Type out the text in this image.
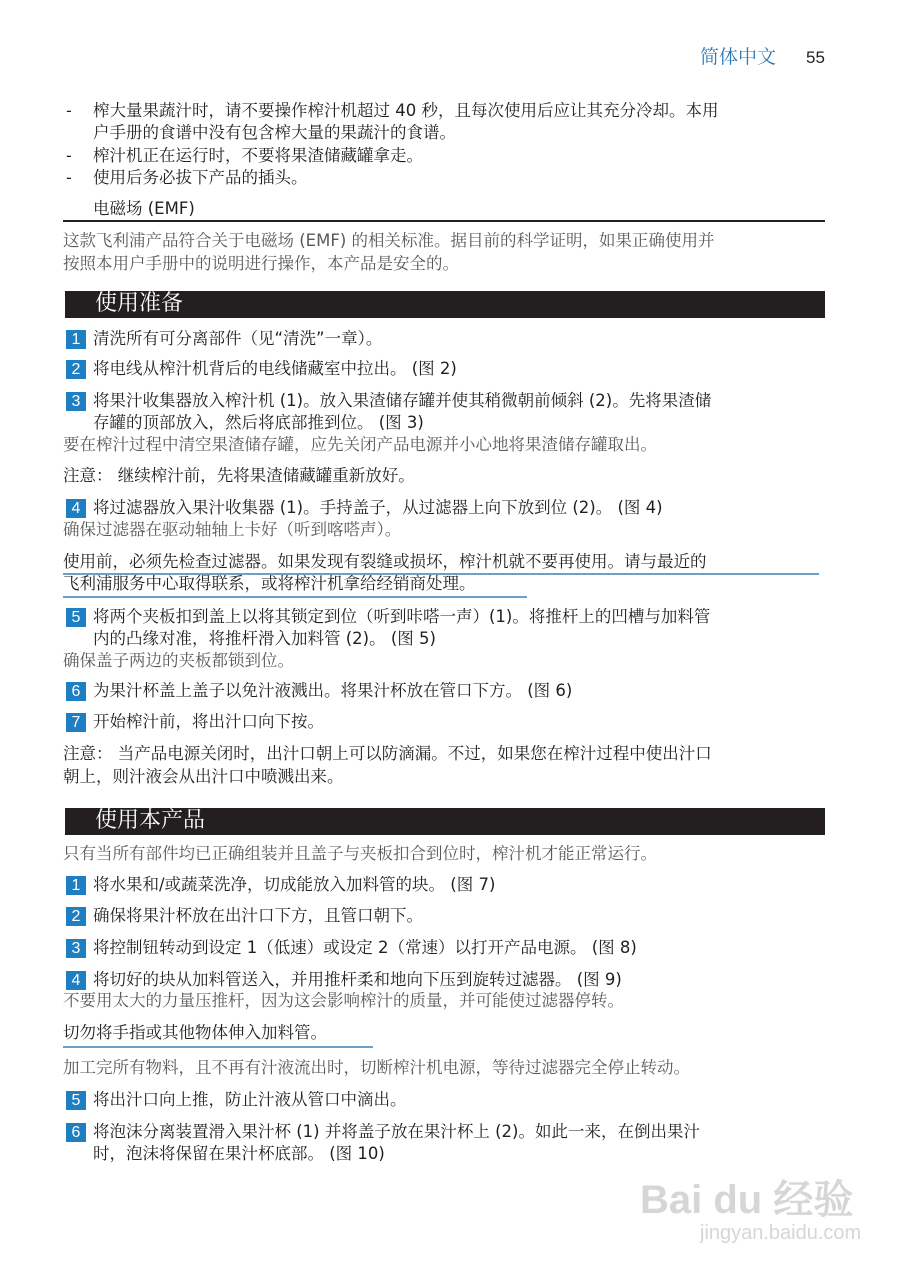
简体中文 55
- 榨大量果蔬汁时，请不要操作榨汁机超过 40 秒，且每次使用后应让其充分冷却。本用
户手册的食谱中没有包含榨大量的果蔬汁的食谱。
- 榨汁机正在运行时，不要将果渣储藏罐拿走。
- 使用后务必拔下产品的插头。
电磁场 (EMF)
这款飞利浦产品符合关于电磁场 (EMF) 的相关标准。据目前的科学证明，如果正确使用并
按照本用户手册中的说明进行操作，本产品是安全的。
使用准备
1 清洗所有可分离部件（见“清洗”一章）。
2 将电线从榨汁机背后的电线储藏室中拉出。 (图 2)
3 将果汁收集器放入榨汁机 (1)。放入果渣储存罐并使其稍微朝前倾斜 (2)。先将果渣储
存罐的顶部放入，然后将底部推到位。 (图 3)
要在榨汁过程中清空果渣储存罐，应先关闭产品电源并小心地将果渣储存罐取出。
注意： 继续榨汁前，先将果渣储藏罐重新放好。
4 将过滤器放入果汁收集器 (1)。手持盖子，从过滤器上向下放到位 (2)。 (图 4)
确保过滤器在驱动轴轴上卡好（听到喀嗒声）。
使用前，必须先检查过滤器。如果发现有裂缝或损坏，榨汁机就不要再使用。请与最近的
飞利浦服务中心取得联系，或将榨汁机拿给经销商处理。
5 将两个夹板扣到盖上以将其锁定到位（听到咔嗒一声）(1)。将推杆上的凹槽与加料管
内的凸缘对准，将推杆滑入加料管 (2)。 (图 5)
确保盖子两边的夹板都锁到位。
6 为果汁杯盖上盖子以免汁液溅出。将果汁杯放在管口下方。 (图 6)
7 开始榨汁前，将出汁口向下按。
注意： 当产品电源关闭时，出汁口朝上可以防滴漏。不过，如果您在榨汁过程中使出汁口
朝上，则汁液会从出汁口中喷溅出来。
使用本产品
只有当所有部件均已正确组装并且盖子与夹板扣合到位时，榨汁机才能正常运行。
1 将水果和/或蔬菜洗净，切成能放入加料管的块。 (图 7)
2 确保将果汁杯放在出汁口下方，且管口朝下。
3 将控制钮转动到设定 1（低速）或设定 2（常速）以打开产品电源。 (图 8)
4 将切好的块从加料管送入，并用推杆柔和地向下压到旋转过滤器。 (图 9)
不要用太大的力量压推杆，因为这会影响榨汁的质量，并可能使过滤器停转。
切勿将手指或其他物体伸入加料管。
加工完所有物料，且不再有汁液流出时，切断榨汁机电源，等待过滤器完全停止转动。
5 将出汁口向上推，防止汁液从管口中滴出。
6 将泡沫分离装置滑入果汁杯 (1) 并将盖子放在果汁杯上 (2)。如此一来，在倒出果汁
时，泡沫将保留在果汁杯底部。 (图 10)
Bai du 经验
jingyan.baidu.com
